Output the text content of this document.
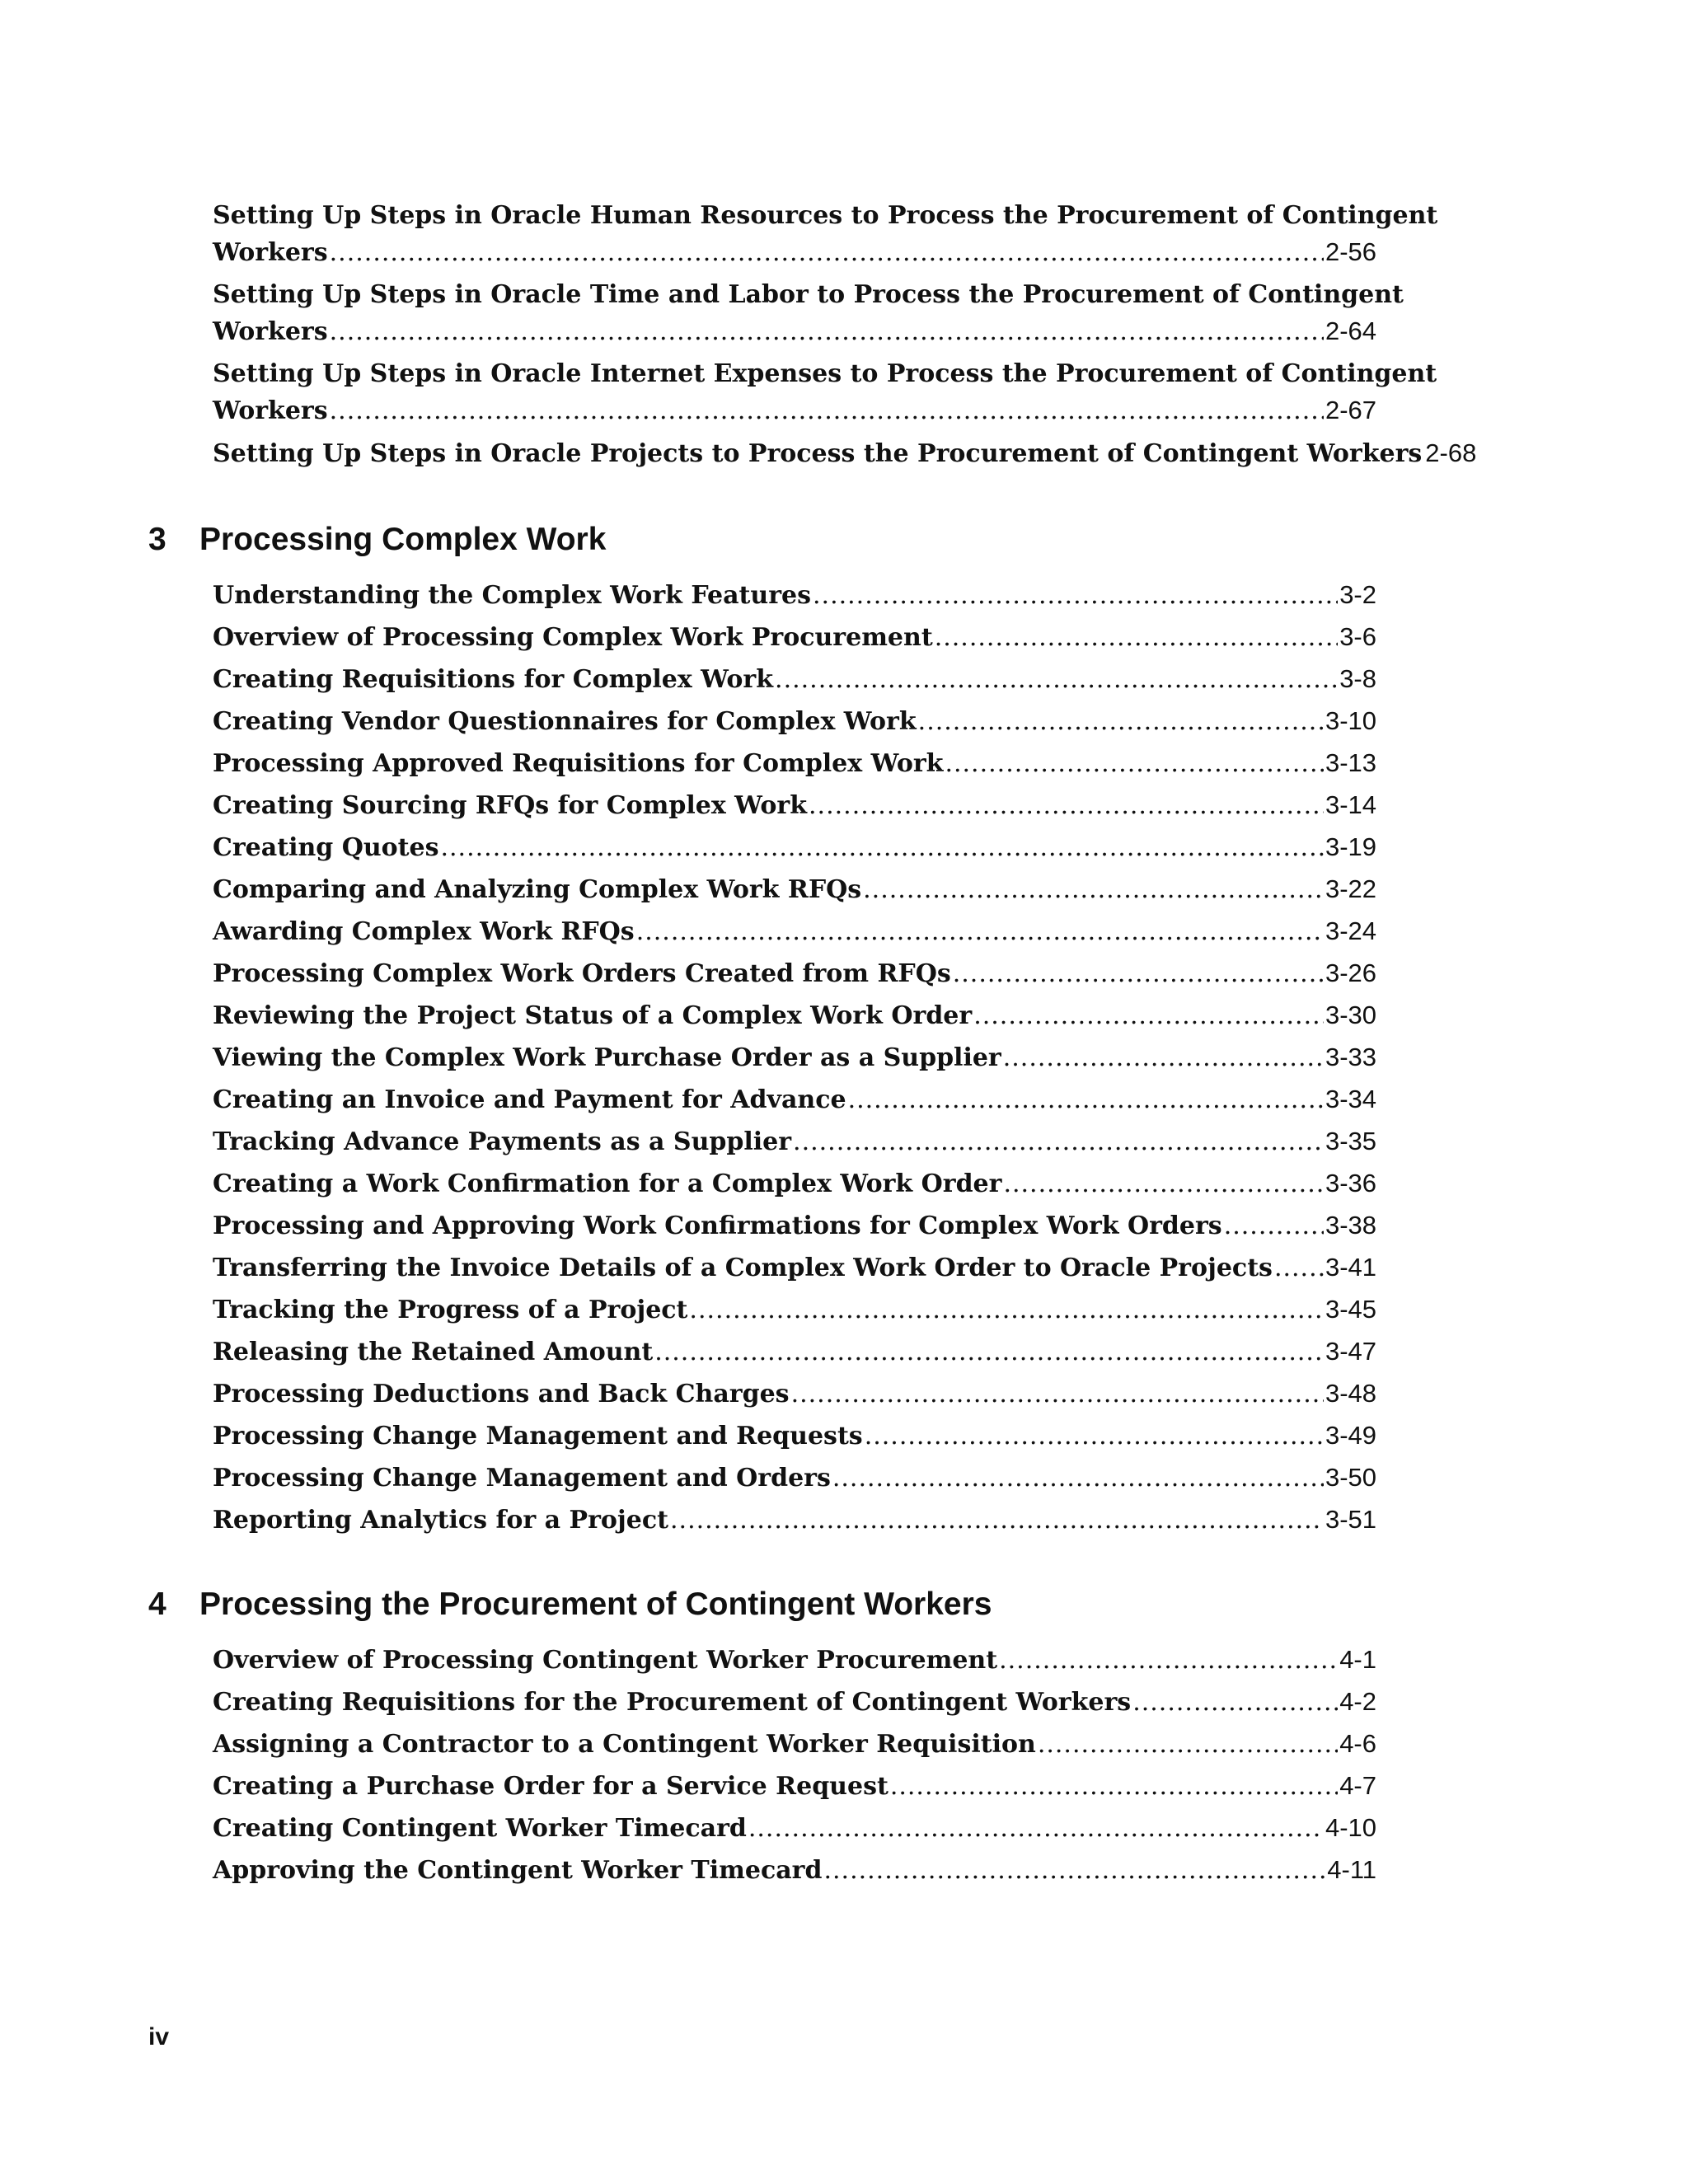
Setting Up Steps in Oracle Human Resources to Process the Procurement of Contingent
Workers .....	2-56
Setting Up Steps in Oracle Time and Labor to Process the Procurement of Contingent
Workers .....	2-64
Setting Up Steps in Oracle Internet Expenses to Process the Procurement of Contingent
Workers .....	2-67
Setting Up Steps in Oracle Projects to Process the Procurement of Contingent Workers 2-68
3 Processing Complex Work
Understanding the Complex Work Features .....	3-2
Overview of Processing Complex Work Procurement .....	3-6
Creating Requisitions for Complex Work .....	3-8
Creating Vendor Questionnaires for Complex Work .....	3-10
Processing Approved Requisitions for Complex Work .....	3-13
Creating Sourcing RFQs for Complex Work .....	3-14
Creating Quotes .....	3-19
Comparing and Analyzing Complex Work RFQs .....	3-22
Awarding Complex Work RFQs .....	3-24
Processing Complex Work Orders Created from RFQs .....	3-26
Reviewing the Project Status of a Complex Work Order .....	3-30
Viewing the Complex Work Purchase Order as a Supplier .....	3-33
Creating an Invoice and Payment for Advance .....	3-34
Tracking Advance Payments as a Supplier .....	3-35
Creating a Work Confirmation for a Complex Work Order .....	3-36
Processing and Approving Work Confirmations for Complex Work Orders .....	3-38
Transferring the Invoice Details of a Complex Work Order to Oracle Projects ..... 3-41
Tracking the Progress of a Project .....	3-45
Releasing the Retained Amount .....	3-47
Processing Deductions and Back Charges .....	3-48
Processing Change Management and Requests .....	3-49
Processing Change Management and Orders .....	3-50
Reporting Analytics for a Project .....	3-51
4 Processing the Procurement of Contingent Workers
Overview of Processing Contingent Worker Procurement .....	4-1
Creating Requisitions for the Procurement of Contingent Workers .....	4-2
Assigning a Contractor to a Contingent Worker Requisition .....	4-6
Creating a Purchase Order for a Service Request .....	4-7
Creating Contingent Worker Timecard .....	4-10
Approving the Contingent Worker Timecard .....	4-11
iv
